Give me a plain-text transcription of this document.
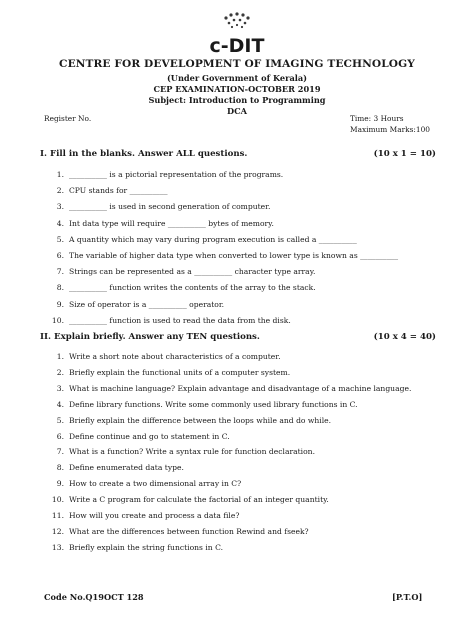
c-DIT
CENTRE FOR DEVELOPMENT OF IMAGING TECHNOLOGY
(Under Government of Kerala)
CEP EXAMINATION-OCTOBER 2019
Subject: Introduction to Programming
DCA
Register No.	Time: 3 Hours
Maximum Marks:100
I. Fill in the blanks. Answer ALL questions.	(10 x 1 = 10)
1. __________ is a pictorial representation of the programs.
2. CPU stands for __________
3. __________ is used in second generation of computer.
4. Int data type will require __________ bytes of memory.
5. A quantity which may vary during program execution is called a __________
6. The variable of higher data type when converted to lower type is known as __________
7. Strings can be represented as a __________ character type array.
8. __________ function writes the contents of the array to the stack.
9. Size of operator is a __________ operator.
10. __________ function is used to read the data from the disk.
II. Explain briefly. Answer any TEN questions.	(10 x 4 = 40)
1. Write a short note about characteristics of a computer.
2. Briefly explain the functional units of a computer system.
3. What is machine language? Explain advantage and disadvantage of a machine language.
4. Define library functions. Write some commonly used library functions in C.
5. Briefly explain the difference between the loops while and do while.
6. Define continue and go to statement in C.
7. What is a function? Write a syntax rule for function declaration.
8. Define enumerated data type.
9. How to create a two dimensional array in C?
10. Write a C program for calculate the factorial of an integer quantity.
11. How will you create and process a data file?
12. What are the differences between function Rewind and fseek?
13. Briefly explain the string functions in C.
Code No.Q19OCT 128	[P.T.O]
